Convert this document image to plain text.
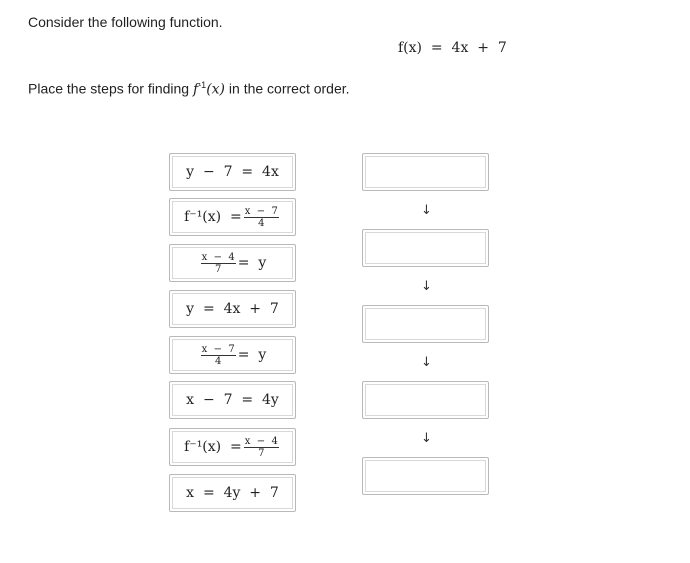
Consider the following function.
f(x)  =  4x  +  7
Place the steps for finding $f^{-1}(x)$ in the correct order.
y  −  7  =  4x
$f^{-1}(x) = \frac{x - 7}{4}$
$\frac{x - 4}{7} = y$
y  =  4x  +  7
$\frac{x - 7}{4} = y$
x  −  7  =  4y
$f^{-1}(x) = \frac{x - 4}{7}$
x  =  4y  +  7
↓
↓
↓
↓
